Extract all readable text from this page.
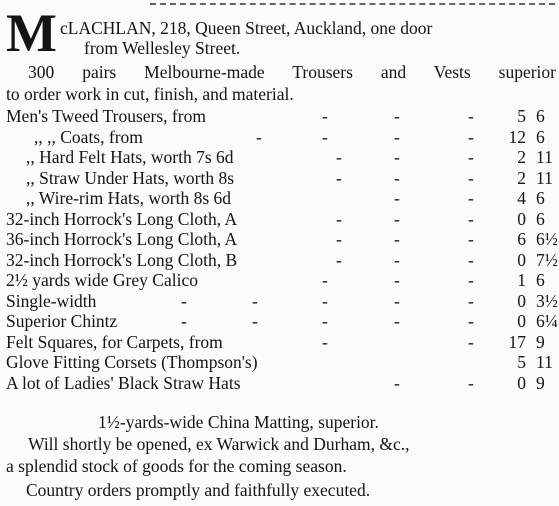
M cLACHLAN, 218, Queen Street, Auckland, one door
from Wellesley Street.
300 pairs Melbourne-made Trousers and Vests superior
to order work in cut, finish, and material.
-	-	-
Men's Tweed Trousers, from	5 6
-	-	-	-
,, ,, Coats, from	12 6
-	-	-
,, Hard Felt Hats, worth 7s 6d	2 11
-	-	-
,, Straw Under Hats, worth 8s	2 11
-	-
,, Wire-rim Hats, worth 8s 6d	4 6
-	-	-
32-inch Horrock's Long Cloth, A	0 6
-	-	-
36-inch Horrock's Long Cloth, A	6 6½
-	-	-
32-inch Horrock's Long Cloth, B	0 7½
-	-	-
2½ yards wide Grey Calico	1 6
-	-	-	-	-
Single-width	0 3½
-	-	-	-	-
Superior Chintz	0 6¼
-	-
Felt Squares, for Carpets, from	17 9
Glove Fitting Corsets (Thompson's)	5 11
-	-
A lot of Ladies' Black Straw Hats	0 9
1½-yards-wide China Matting, superior.
Will shortly be opened, ex Warwick and Durham, &c.,
a splendid stock of goods for the coming season.
Country orders promptly and faithfully executed.
